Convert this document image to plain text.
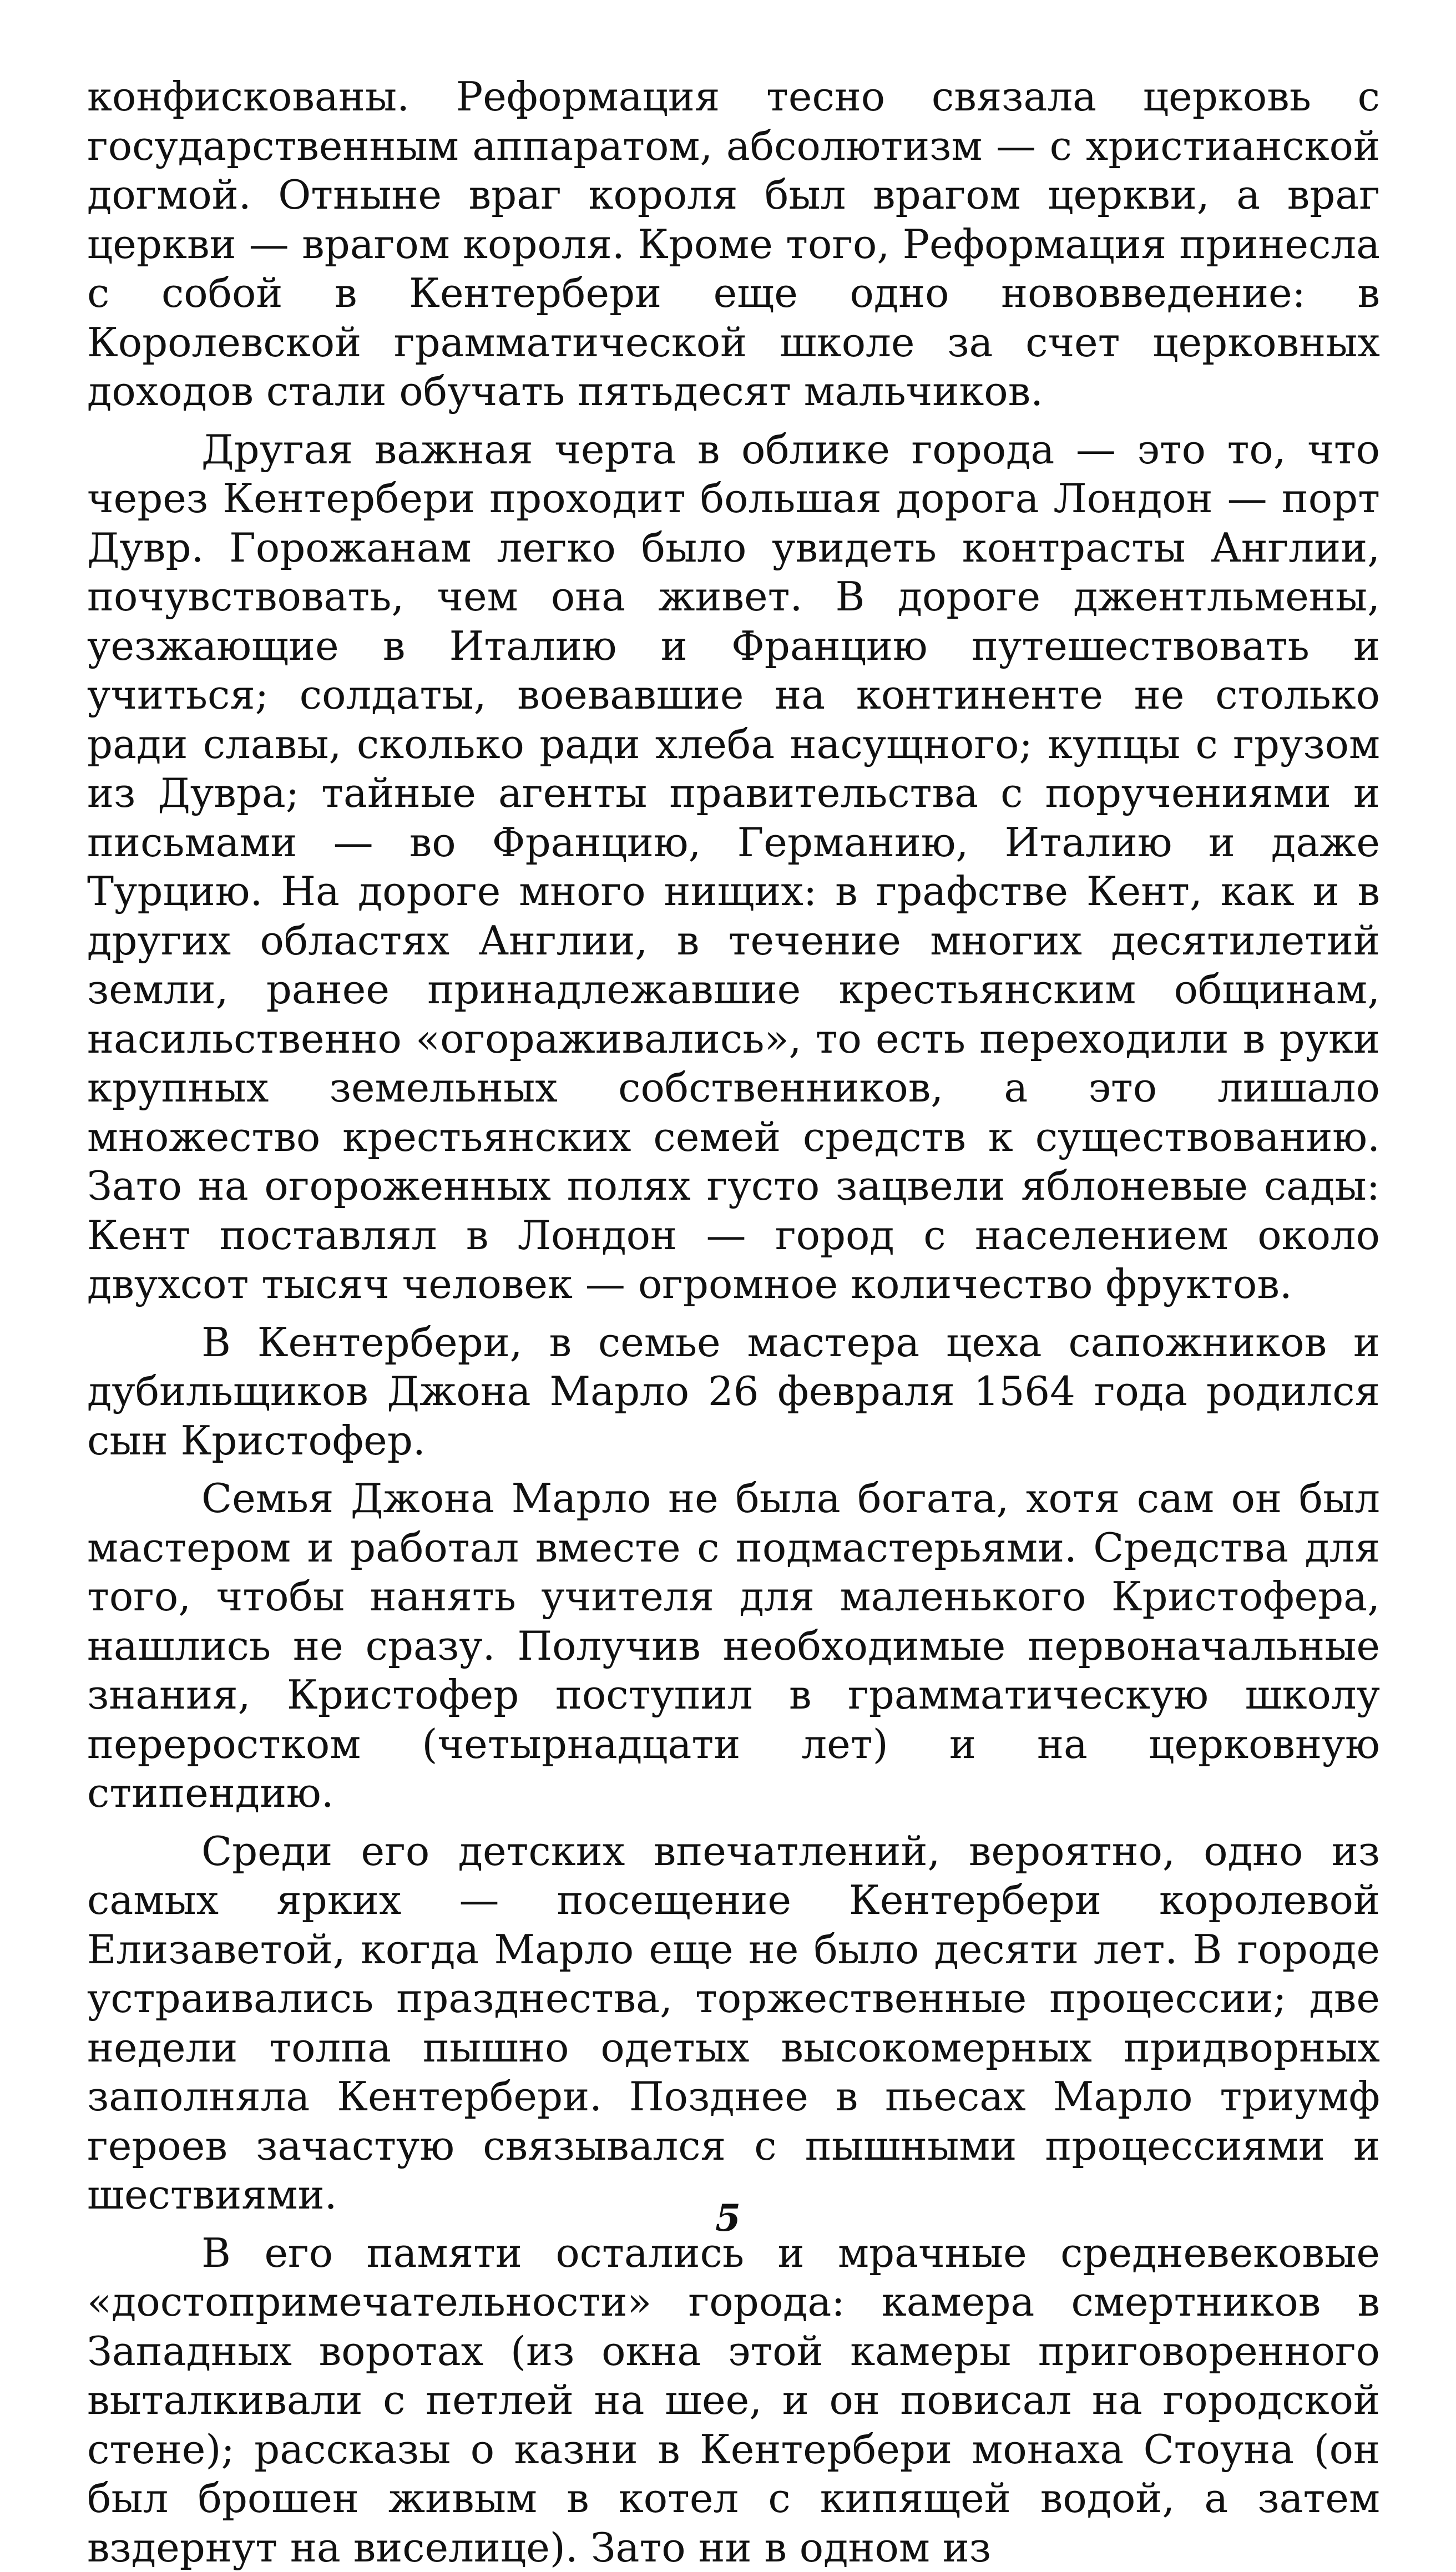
конфискованы. Реформация тесно связала церковь с государственным аппаратом, абсолютизм — с христианской догмой. Отныне враг короля был врагом церкви, а враг церкви — врагом короля. Кроме того, Реформация принесла с собой в Кентербери еще одно нововведение: в Королевской грамматической школе за счет церковных доходов стали обучать пятьдесят мальчиков.

Другая важная черта в облике города — это то, что через Кентербери проходит большая дорога Лондон — порт Дувр. Горожанам легко было увидеть контрасты Англии, почувствовать, чем она живет. В дороге джентльмены, уезжающие в Италию и Францию путешествовать и учиться; солдаты, воевавшие на континенте не столько ради славы, сколько ради хлеба насущного; купцы с грузом из Дувра; тайные агенты правительства с поручениями и письмами — во Францию, Германию, Италию и даже Турцию. На дороге много нищих: в графстве Кент, как и в других областях Англии, в течение многих десятилетий земли, ранее принадлежавшие крестьянским общинам, насильственно «огораживались», то есть переходили в руки крупных земельных собственников, а это лишало множество крестьянских семей средств к существованию. Зато на огороженных полях густо зацвели яблоневые сады: Кент поставлял в Лондон — город с населением около двухсот тысяч человек — огромное количество фруктов.

В Кентербери, в семье мастера цеха сапожников и дубильщиков Джона Марло 26 февраля 1564 года родился сын Кристофер.

Семья Джона Марло не была богата, хотя сам он был мастером и работал вместе с подмастерьями. Средства для того, чтобы нанять учителя для маленького Кристофера, нашлись не сразу. Получив необходимые первоначальные знания, Кристофер поступил в грамматическую школу переростком (четырнадцати лет) и на церковную стипендию.

Среди его детских впечатлений, вероятно, одно из самых ярких — посещение Кентербери королевой Елизаветой, когда Марло еще не было десяти лет. В городе устраивались празднества, торжественные процессии; две недели толпа пышно одетых высокомерных придворных заполняла Кентербери. Позднее в пьесах Марло триумф героев зачастую связывался с пышными процессиями и шествиями.

В его памяти остались и мрачные средневековые «достопримечательности» города: камера смертников в Западных воротах (из окна этой камеры приговоренного выталкивали с петлей на шее, и он повисал на городской стене); рассказы о казни в Кентербери монаха Стоуна (он был брошен живым в котел с кипящей водой, а затем вздернут на виселице). Зато ни в одном из

5
